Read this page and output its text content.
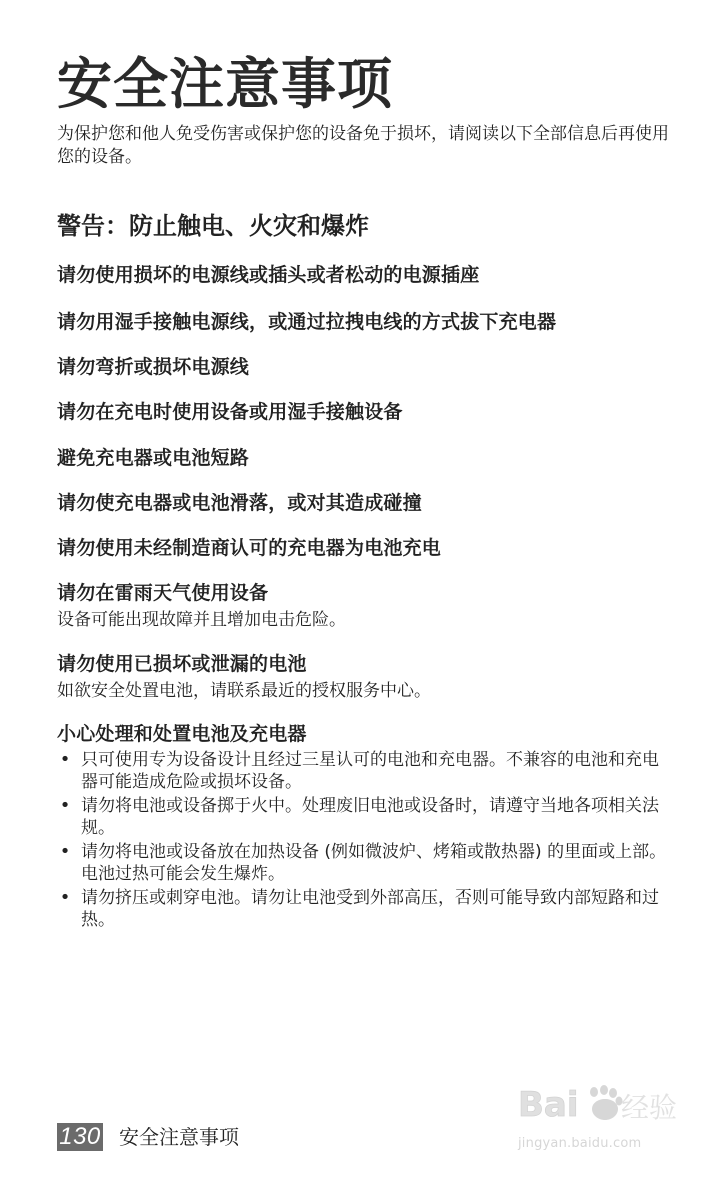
安全注意事项

为保护您和他人免受伤害或保护您的设备免于损坏，请阅读以下全部信息后再使用您的设备。

警告：防止触电、火灾和爆炸
请勿使用损坏的电源线或插头或者松动的电源插座
请勿用湿手接触电源线，或通过拉拽电线的方式拔下充电器
请勿弯折或损坏电源线
请勿在充电时使用设备或用湿手接触设备
避免充电器或电池短路
请勿使充电器或电池滑落，或对其造成碰撞
请勿使用未经制造商认可的充电器为电池充电
请勿在雷雨天气使用设备
设备可能出现故障并且增加电击危险。
请勿使用已损坏或泄漏的电池
如欲安全处置电池，请联系最近的授权服务中心。
小心处理和处置电池及充电器
• 只可使用专为设备设计且经过三星认可的电池和充电器。不兼容的电池和充电器可能造成危险或损坏设备。
• 请勿将电池或设备掷于火中。处理废旧电池或设备时，请遵守当地各项相关法规。
• 请勿将电池或设备放在加热设备 (例如微波炉、烤箱或散热器) 的里面或上部。电池过热可能会发生爆炸。
• 请勿挤压或刺穿电池。请勿让电池受到外部高压，否则可能导致内部短路和过热。
130 安全注意事项
Bai 经验
jingyan.baidu.com
